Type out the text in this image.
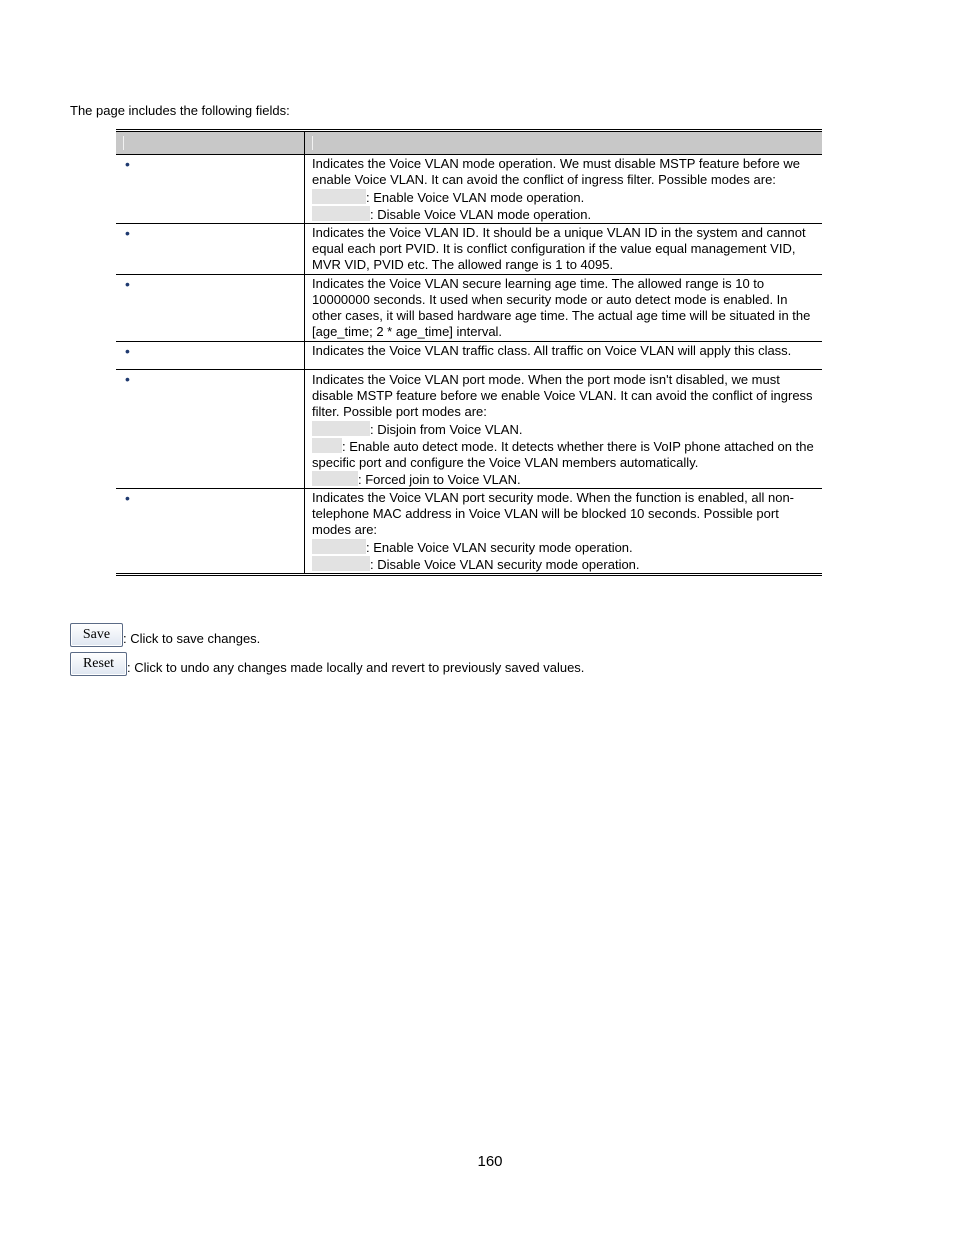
The page includes the following fields:

•	Indicates the Voice VLAN mode operation. We must disable MSTP feature before we enable Voice VLAN. It can avoid the conflict of ingress filter. Possible modes are:
: Enable Voice VLAN mode operation.
: Disable Voice VLAN mode operation.

•	Indicates the Voice VLAN ID. It should be a unique VLAN ID in the system and cannot equal each port PVID. It is conflict configuration if the value equal management VID, MVR VID, PVID etc. The allowed range is 1 to 4095.

•	Indicates the Voice VLAN secure learning age time. The allowed range is 10 to 10000000 seconds. It used when security mode or auto detect mode is enabled. In other cases, it will based hardware age time. The actual age time will be situated in the [age_time; 2 * age_time] interval.

•	Indicates the Voice VLAN traffic class. All traffic on Voice VLAN will apply this class.

•	Indicates the Voice VLAN port mode. When the port mode isn't disabled, we must disable MSTP feature before we enable Voice VLAN. It can avoid the conflict of ingress filter. Possible port modes are:
: Disjoin from Voice VLAN.
: Enable auto detect mode. It detects whether there is VoIP phone attached on the specific port and configure the Voice VLAN members automatically.
: Forced join to Voice VLAN.

•	Indicates the Voice VLAN port security mode. When the function is enabled, all non-telephone MAC address in Voice VLAN will be blocked 10 seconds. Possible port modes are:
: Enable Voice VLAN security mode operation.
: Disable Voice VLAN security mode operation.
Save : Click to save changes.
Reset : Click to undo any changes made locally and revert to previously saved values.
160
